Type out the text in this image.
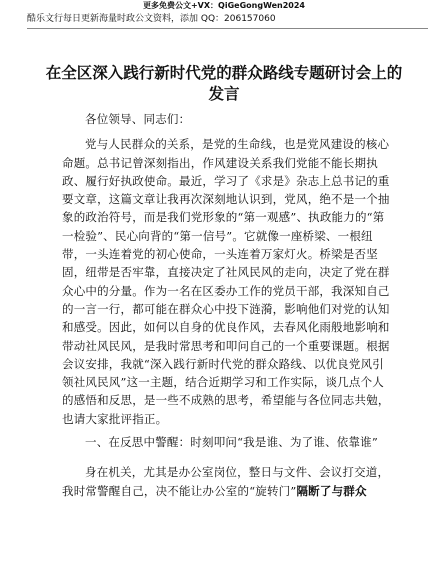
更多免费公文+VX：QiGeGongWen2024
酷乐文行每日更新海量时政公文资料，添加 QQ：206157060
在全区深入践行新时代党的群众路线专题研讨会上的发言

各位领导、同志们：

党与人民群众的关系，是党的生命线，也是党风建设的核心命题。总书记曾深刻指出，作风建设关系我们党能不能长期执政、履行好执政使命。最近，学习了《求是》杂志上总书记的重要文章，这篇文章让我再次深刻地认识到，党风，绝不是一个抽象的政治符号，而是我们党形象的“第一观感”、执政能力的“第一检验”、民心向背的“第一信号”。它就像一座桥梁、一根纽带，一头连着党的初心使命，一头连着万家灯火。桥梁是否坚固，纽带是否牢靠，直接决定了社风民风的走向，决定了党在群众心中的分量。作为一名在区委办工作的党员干部，我深知自己的一言一行，都可能在群众心中投下涟漪，影响他们对党的认知和感受。因此，如何以自身的优良作风，去春风化雨般地影响和带动社风民风，是我时常思考和叩问自己的一个重要课题。根据会议安排，我就“深入践行新时代党的群众路线、以优良党风引领社风民风”这一主题，结合近期学习和工作实际，谈几点个人的感悟和反思，是一些不成熟的思考，希望能与各位同志共勉，也请大家批评指正。

一、在反思中警醒：时刻叩问“我是谁、为了谁、依靠谁”

身在机关，尤其是办公室岗位，整日与文件、会议打交道，我时常警醒自己，决不能让办公室的“旋转门”隔断了与群众
